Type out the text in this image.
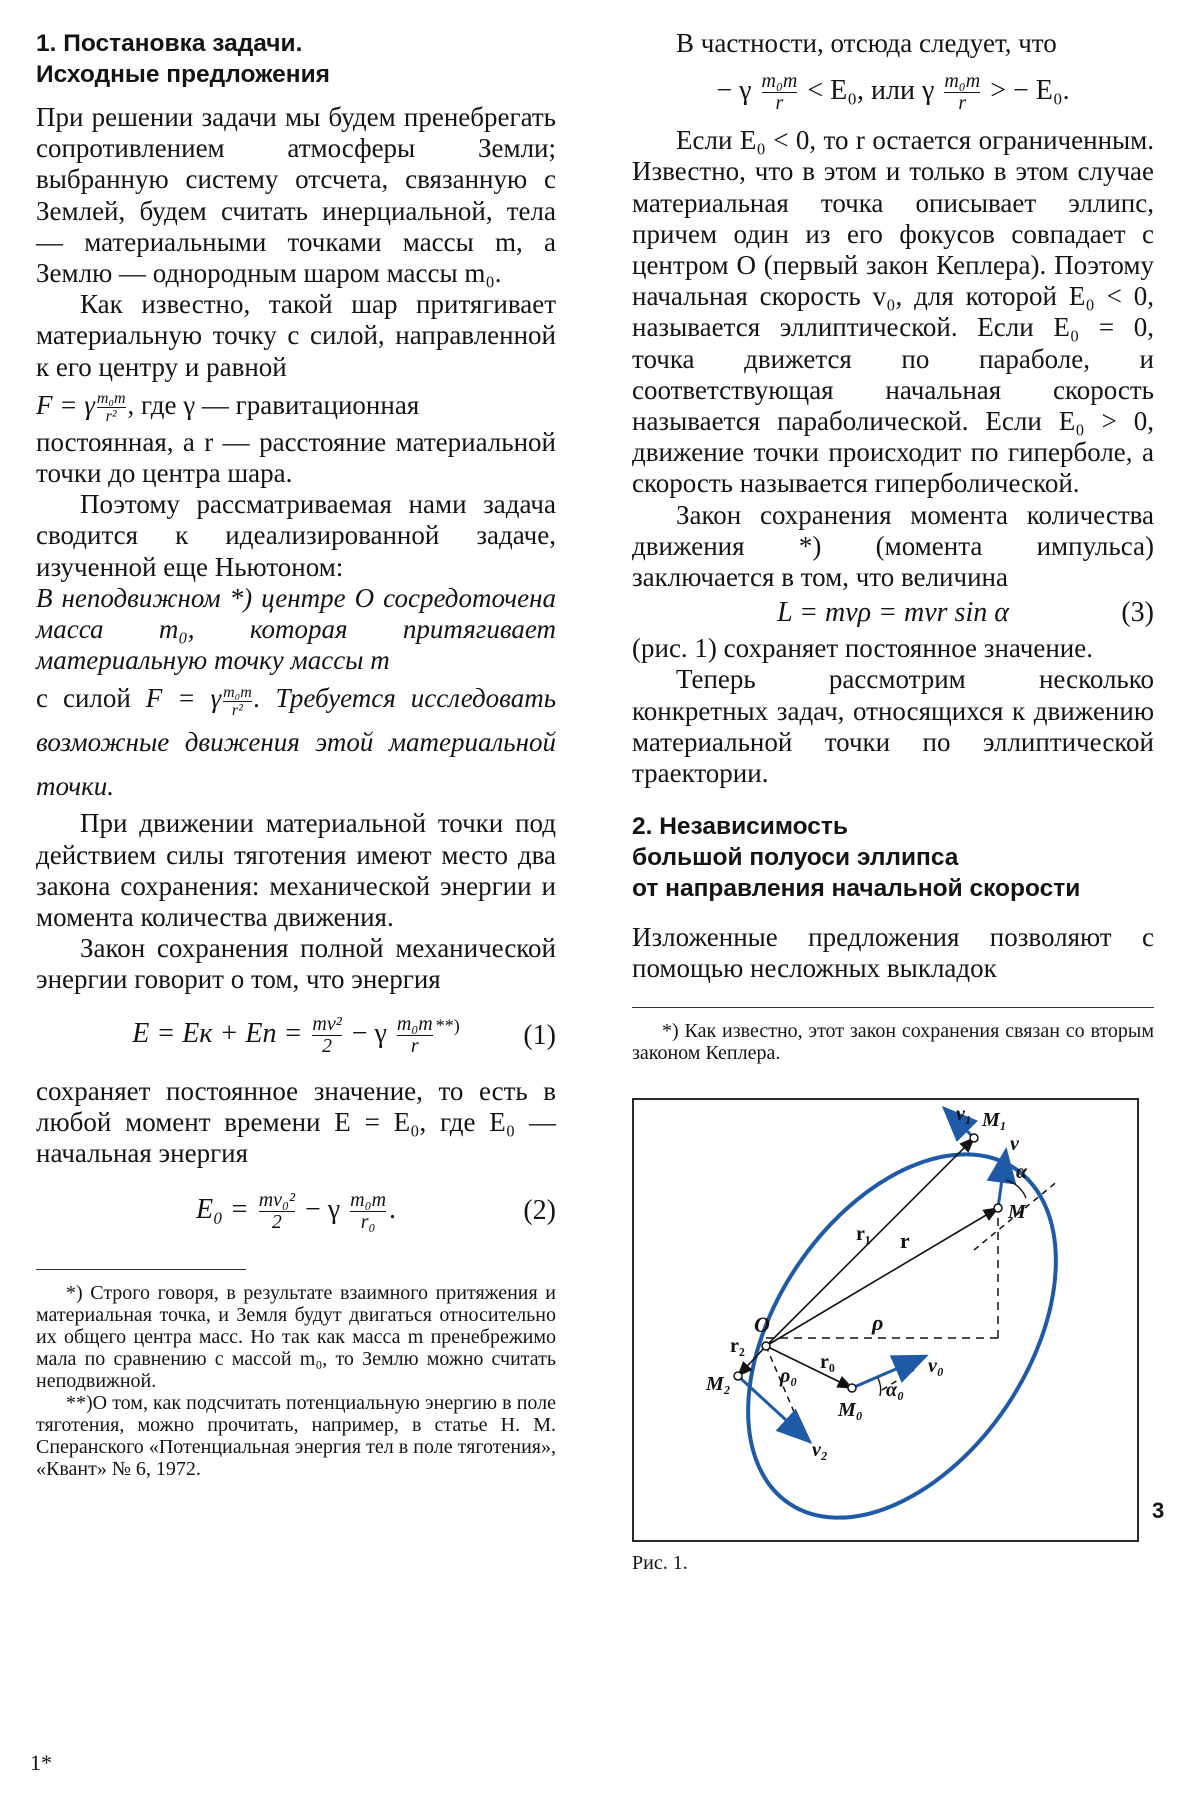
1. Постановка задачи.
Исходные предложения

При решении задачи мы будем пренебрегать сопротивлением атмосферы Земли; выбранную систему отсчета, связанную с Землей, будем считать инерциальной, тела — материальными точками массы m, а Землю — однородным шаром массы m₀.

Как известно, такой шар притягивает материальную точку с силой, направленной к его центру и равной

F = γ $\frac{\text{m₀m}}{\text{r²}}$ , где γ — гравитационная

постоянная, а r — расстояние материальной точки до центра шара.

Поэтому рассматриваемая нами задача сводится к идеализированной задаче, изученной еще Ньютоном:

В неподвижном *) центре O сосредоточена масса m₀, которая притягивает материальную точку массы m

с силой F = γ $\frac{\text{m₀m}}{\text{r²}}$ . Требуется исследовать возможные движения этой материальной точки.

При движении материальной точки под действием силы тяготения имеют место два закона сохранения: механической энергии и момента количества движения.

Закон сохранения полной механической энергии говорит о том, что энергия

E = Eк + Eп = $\frac{\text{mv²}}{2} - \gamma \frac{\text{m₀m}}{r} ^{**)}$	(1)

сохраняет постоянное значение, то есть в любой момент времени E = E₀, где E₀ — начальная энергия

$E_0 = \frac{\text{mv₀²}}{2} - \gamma \frac{\text{m₀m}}{\text{r₀}}$ .	(2)

*) Строго говоря, в результате взаимного притяжения и материальная точка, и Земля будут двигаться относительно их общего центра масс. Но так как масса m пренебрежимо мала по сравнению с массой m₀, то Землю можно считать неподвижной.

**)О том, как подсчитать потенциальную энергию в поле тяготения, можно прочитать, например, в статье Н. М. Сперанского «Потенциальная энергия тел в поле тяготения», «Квант» № 6, 1972.

В частности, отсюда следует, что

− γ $\frac{\text{m₀m}}{r} < E_0$, или γ $\frac{\text{m₀m}}{r}$ > − E₀.

Если E₀ < 0, то r остается ограниченным. Известно, что в этом и только в этом случае материальная точка описывает эллипс, причем один из его фокусов совпадает с центром O (первый закон Кеплера). Поэтому начальная скорость v₀, для которой E₀ < 0, называется эллиптической. Если E₀ = 0, точка движется по параболе, и соответствующая начальная скорость называется параболической. Если E₀ > 0, движение точки происходит по гиперболе, а скорость называется гиперболической.

Закон сохранения момента количества движения *) (момента импульса) заключается в том, что величина

L = mvρ = mvr sin α	(3)

(рис. 1) сохраняет постоянное значение.

Теперь рассмотрим несколько конкретных задач, относящихся к движению материальной точки по эллиптической траектории.

2. Независимость
большой полуоси эллипса
от направления начальной скорости

Изложенные предложения позволяют с помощью несложных выкладок

*) Как известно, этот закон сохранения связан со вторым законом Кеплера.

v₁ M₁
v
α
M
r₁ r
ρ
O
r₂
r₀
ρ₀
M₂
M₀
α₀
v₀
v₂
Рис. 1.
3
1*
